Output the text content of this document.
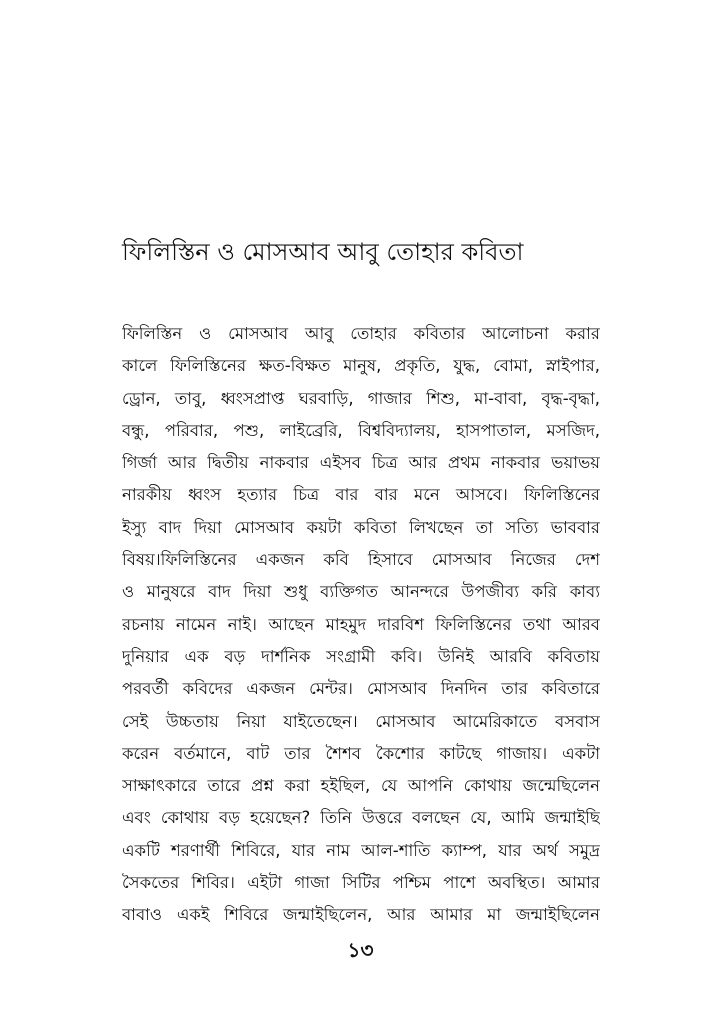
ফিলিস্তিন ও মোসআব আবু তোহার কবিতা
ফিলিস্তিন ও মোসআব আবু তোহার কবিতার আলোচনা করার
কালে ফিলিস্তিনের ক্ষত-বিক্ষত মানুষ, প্রকৃতি, যুদ্ধ, বোমা, স্নাইপার,
ড্রোন, তাবু, ধ্বংসপ্রাপ্ত ঘরবাড়ি, গাজার শিশু, মা-বাবা, বৃদ্ধ-বৃদ্ধা,
বন্ধু, পরিবার, পশু, লাইব্রেরি, বিশ্ববিদ্যালয়, হাসপাতাল, মসজিদ,
গির্জা আর দ্বিতীয় নাকবার এইসব চিত্র আর প্রথম নাকবার ভয়াভয়
নারকীয় ধ্বংস হত্যার চিত্র বার বার মনে আসবে। ফিলিস্তিনের
ইস্যু বাদ দিয়া মোসআব কয়টা কবিতা লিখছেন তা সত্যি ভাববার
বিষয়।ফিলিস্তিনের একজন কবি হিসাবে মোসআব নিজের দেশ
ও মানুষরে বাদ দিয়া শুধু ব্যক্তিগত আনন্দরে উপজীব্য করি কাব্য
রচনায় নামেন নাই। আছেন মাহমুদ দারবিশ ফিলিস্তিনের তথা আরব
দুনিয়ার এক বড় দার্শনিক সংগ্রামী কবি। উনিই আরবি কবিতায়
পরবর্তী কবিদের একজন মেন্টর। মোসআব দিনদিন তার কবিতারে
সেই উচ্চতায় নিয়া যাইতেছেন। মোসআব আমেরিকাতে বসবাস
করেন বর্তমানে, বাট তার শৈশব কৈশোর কাটছে গাজায়। একটা
সাক্ষাৎকারে তারে প্রশ্ন করা হইছিল, যে আপনি কোথায় জন্মেছিলেন
এবং কোথায় বড় হয়েছেন? তিনি উত্তরে বলছেন যে, আমি জন্মাইছি
একটি শরণার্থী শিবিরে, যার নাম আল-শাতি ক্যাম্প, যার অর্থ সমুদ্র
সৈকতের শিবির। এইটা গাজা সিটির পশ্চিম পাশে অবস্থিত। আমার
বাবাও একই শিবিরে জন্মাইছিলেন, আর আমার মা জন্মাইছিলেন
১৩
